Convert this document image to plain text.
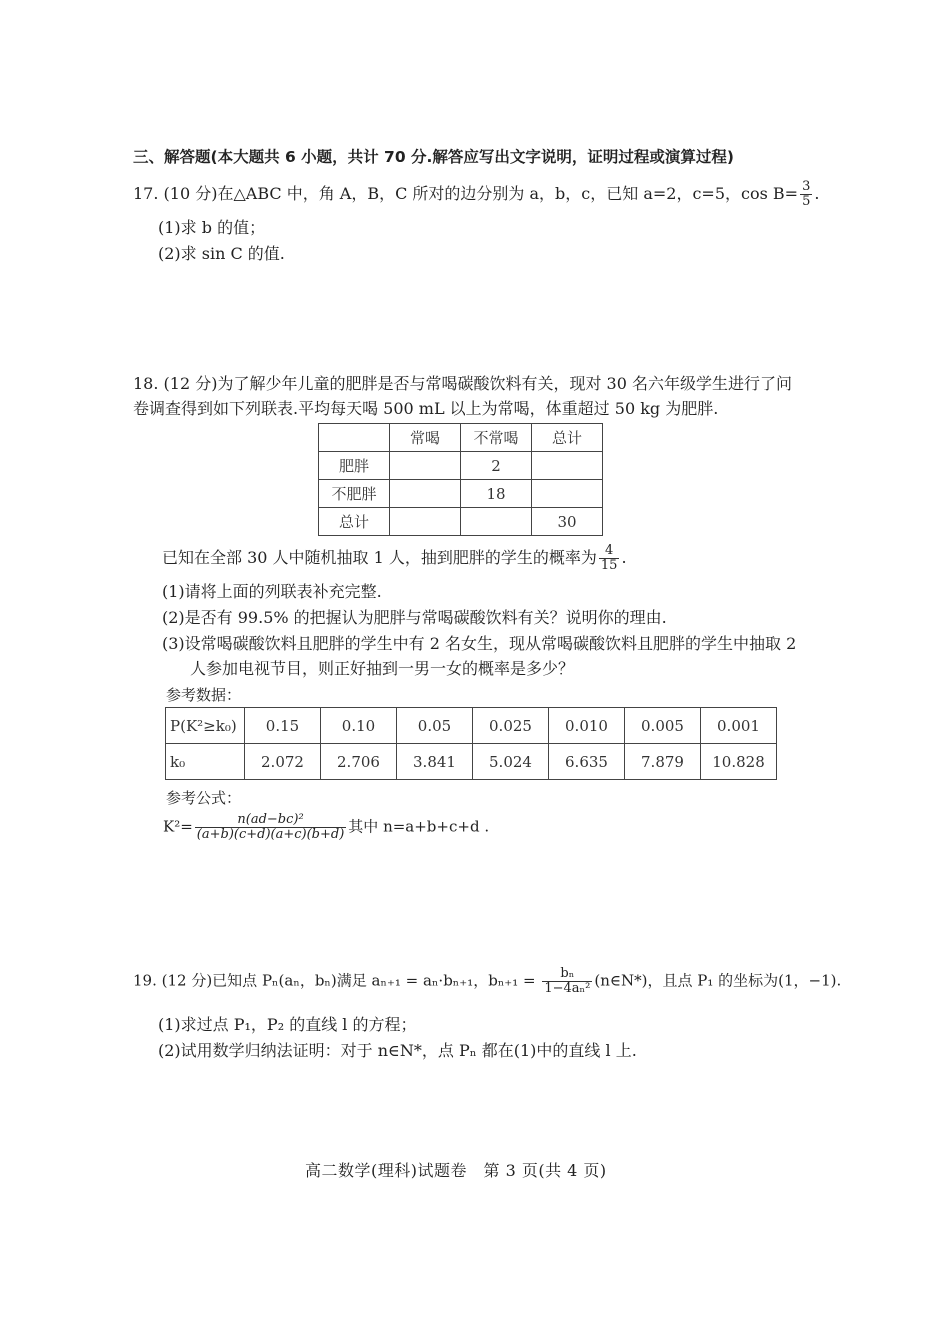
三、解答题(本大题共 6 小题，共计 70 分.解答应写出文字说明，证明过程或演算过程)
17. (10 分)在△ABC 中，角 A，B，C 所对的边分别为 a，b，c，已知 a=2，c=5，$\cos B= \frac{3}{5}$ .
(1)求 b 的值；
(2)求 sin C 的值.
18. (12 分)为了解少年儿童的肥胖是否与常喝碳酸饮料有关，现对 30 名六年级学生进行了问
卷调查得到如下列联表.平均每天喝 500 mL 以上为常喝，体重超过 50 kg 为肥胖.
	常喝	不常喝	总计
肥胖		2	
不肥胖		18	
总计			30
已知在全部 30 人中随机抽取 1 人，抽到肥胖的学生的概率为 $\frac{4}{15}$ .
(1)请将上面的列联表补充完整.
(2)是否有 99.5% 的把握认为肥胖与常喝碳酸饮料有关？说明你的理由.
(3)设常喝碳酸饮料且肥胖的学生中有 2 名女生，现从常喝碳酸饮料且肥胖的学生中抽取 2
人参加电视节目，则正好抽到一男一女的概率是多少？
参考数据：
P(K²≥k₀)	0.15	0.10	0.05	0.025	0.010	0.005	0.001
k₀	2.072	2.706	3.841	5.024	6.635	7.879	10.828
参考公式：
$K^2= \frac{\text{n(ad−bc)²}}{(a+b)(c+d)(a+c)(b+d)}$ 其中 n=a+b+c+d .
19. (12 分)已知点 Pₙ(aₙ，bₙ)满足 aₙ₊₁ = aₙ·bₙ₊₁，$b_{n+1} = \frac{\text{bₙ}}{\text{1−4aₙ²}}$ (n∈N*)，且点 P₁ 的坐标为(1，−1).
(1)求过点 P₁，P₂ 的直线 l 的方程；
(2)试用数学归纳法证明：对于 n∈N*，点 Pₙ 都在(1)中的直线 l 上.
高二数学(理科)试题卷　第 3 页(共 4 页)
